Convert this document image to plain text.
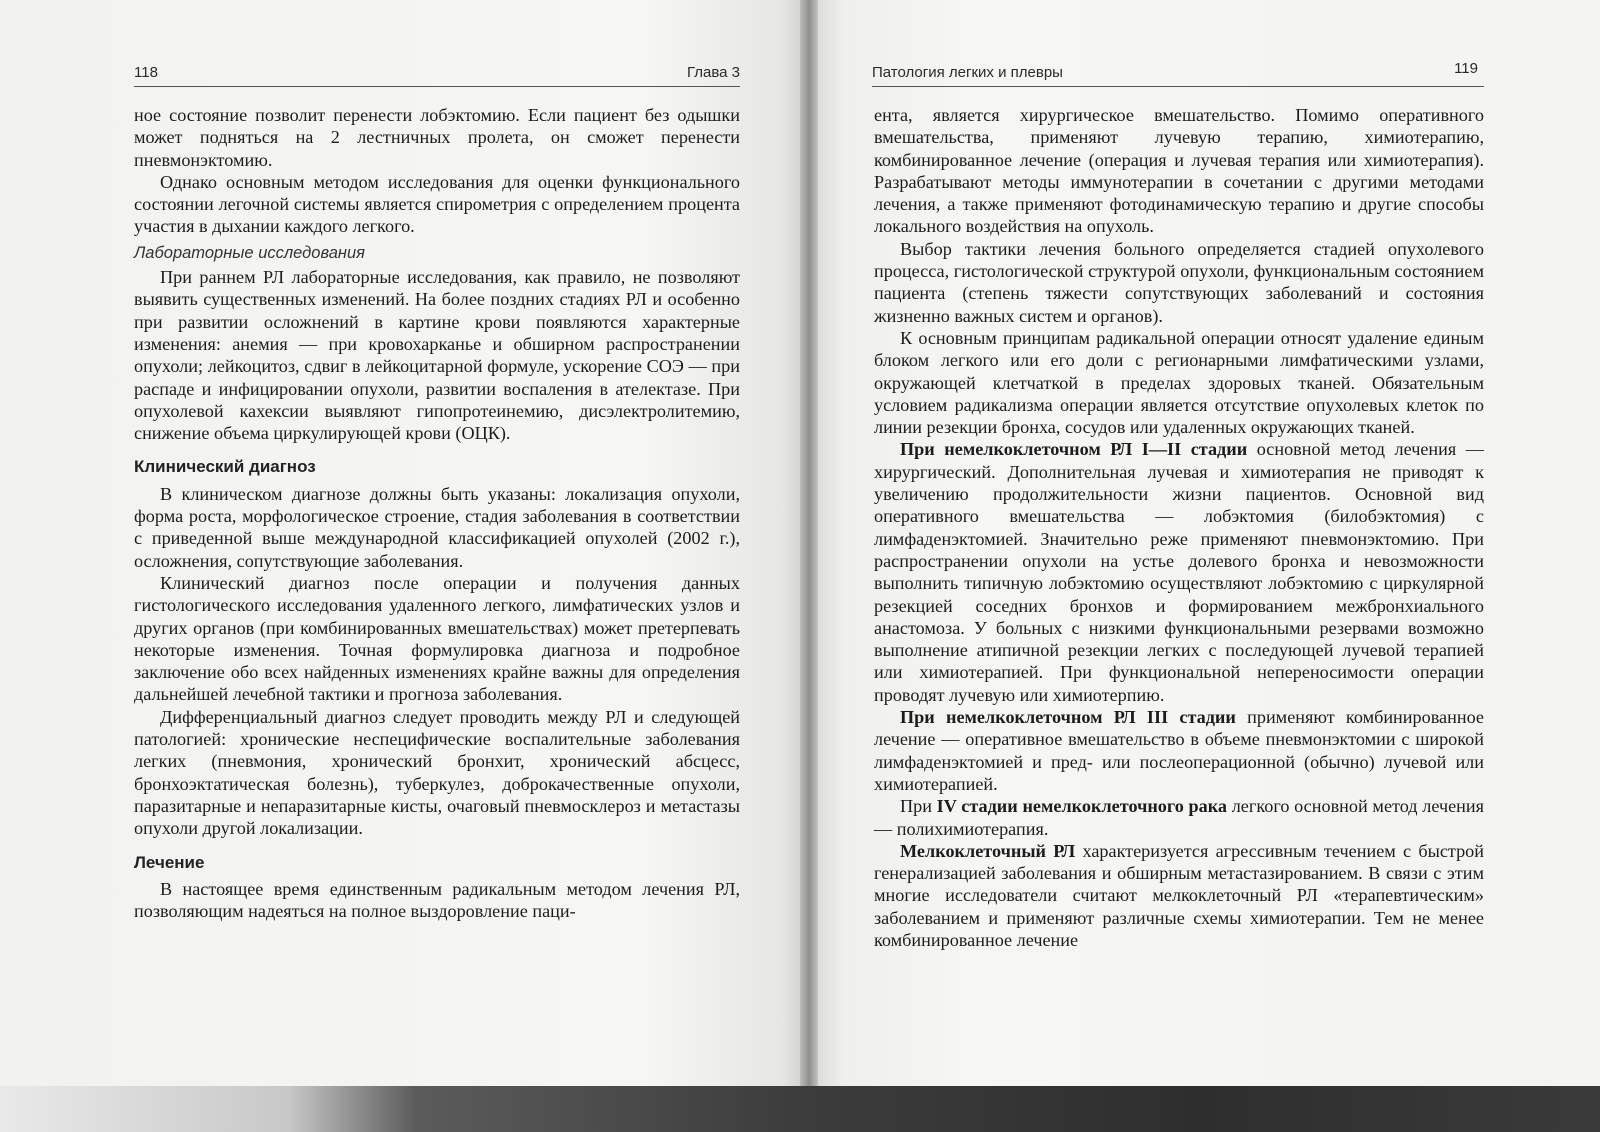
118	Глава 3	Патология легких и плевры	119

ное состояние позволит перенести лобэктомию. Если пациент без одышки может подняться на 2 лестничных пролета, он сможет перенести пневмонэктомию.

Однако основным методом исследования для оценки функционального состоянии легочной системы является спирометрия с определением процента участия в дыхании каждого легкого.

Лабораторные исследования

При раннем РЛ лабораторные исследования, как правило, не позволяют выявить существенных изменений. На более поздних стадиях РЛ и особенно при развитии осложнений в картине крови появляются характерные изменения: анемия — при кровохарканье и обширном распространении опухоли; лейкоцитоз, сдвиг в лейкоцитарной формуле, ускорение СОЭ — при распаде и инфицировании опухоли, развитии воспаления в ателектазе. При опухолевой кахексии выявляют гипопротеинемию, дисэлектролитемию, снижение объема циркулирующей крови (ОЦК).

Клинический диагноз

В клиническом диагнозе должны быть указаны: локализация опухоли, форма роста, морфологическое строение, стадия заболевания в соответствии с приведенной выше международной классификацией опухолей (2002 г.), осложнения, сопутствующие заболевания.

Клинический диагноз после операции и получения данных гистологического исследования удаленного легкого, лимфатических узлов и других органов (при комбинированных вмешательствах) может претерпевать некоторые изменения. Точная формулировка диагноза и подробное заключение обо всех найденных изменениях крайне важны для определения дальнейшей лечебной тактики и прогноза заболевания.

Дифференциальный диагноз следует проводить между РЛ и следующей патологией: хронические неспецифические воспалительные заболевания легких (пневмония, хронический бронхит, хронический абсцесс, бронхоэктатическая болезнь), туберкулез, доброкачественные опухоли, паразитарные и непаразитарные кисты, очаговый пневмосклероз и метастазы опухоли другой локализации.

Лечение

В настоящее время единственным радикальным методом лечения РЛ, позволяющим надеяться на полное выздоровление паци-

ента, является хирургическое вмешательство. Помимо оперативного вмешательства, применяют лучевую терапию, химиотерапию, комбинированное лечение (операция и лучевая терапия или химиотерапия). Разрабатывают методы иммунотерапии в сочетании с другими методами лечения, а также применяют фотодинамическую терапию и другие способы локального воздействия на опухоль.

Выбор тактики лечения больного определяется стадией опухолевого процесса, гистологической структурой опухоли, функциональным состоянием пациента (степень тяжести сопутствующих заболеваний и состояния жизненно важных систем и органов).

К основным принципам радикальной операции относят удаление единым блоком легкого или его доли с регионарными лимфатическими узлами, окружающей клетчаткой в пределах здоровых тканей. Обязательным условием радикализма операции является отсутствие опухолевых клеток по линии резекции бронха, сосудов или удаленных окружающих тканей.

При немелкоклеточном РЛ I—II стадии основной метод лечения — хирургический. Дополнительная лучевая и химиотерапия не приводят к увеличению продолжительности жизни пациентов. Основной вид оперативного вмешательства — лобэктомия (билобэктомия) с лимфаденэктомией. Значительно реже применяют пневмонэктомию. При распространении опухоли на устье долевого бронха и невозможности выполнить типичную лобэктомию осуществляют лобэктомию с циркулярной резекцией соседних бронхов и формированием межбронхиального анастомоза. У больных с низкими функциональными резервами возможно выполнение атипичной резекции легких с последующей лучевой терапией или химиотерапией. При функциональной непереносимости операции проводят лучевую или химиотерпию.

При немелкоклеточном РЛ III стадии применяют комбинированное лечение — оперативное вмешательство в объеме пневмонэктомии с широкой лимфаденэктомией и пред- или послеоперационной (обычно) лучевой или химиотерапией.

При IV стадии немелкоклеточного рака легкого основной метод лечения — полихимиотерапия.

Мелкоклеточный РЛ характеризуется агрессивным течением с быстрой генерализацией заболевания и обширным метастазированием. В связи с этим многие исследователи считают мелкоклеточный РЛ «терапевтическим» заболеванием и применяют различные схемы химиотерапии. Тем не менее комбинированное лечение
